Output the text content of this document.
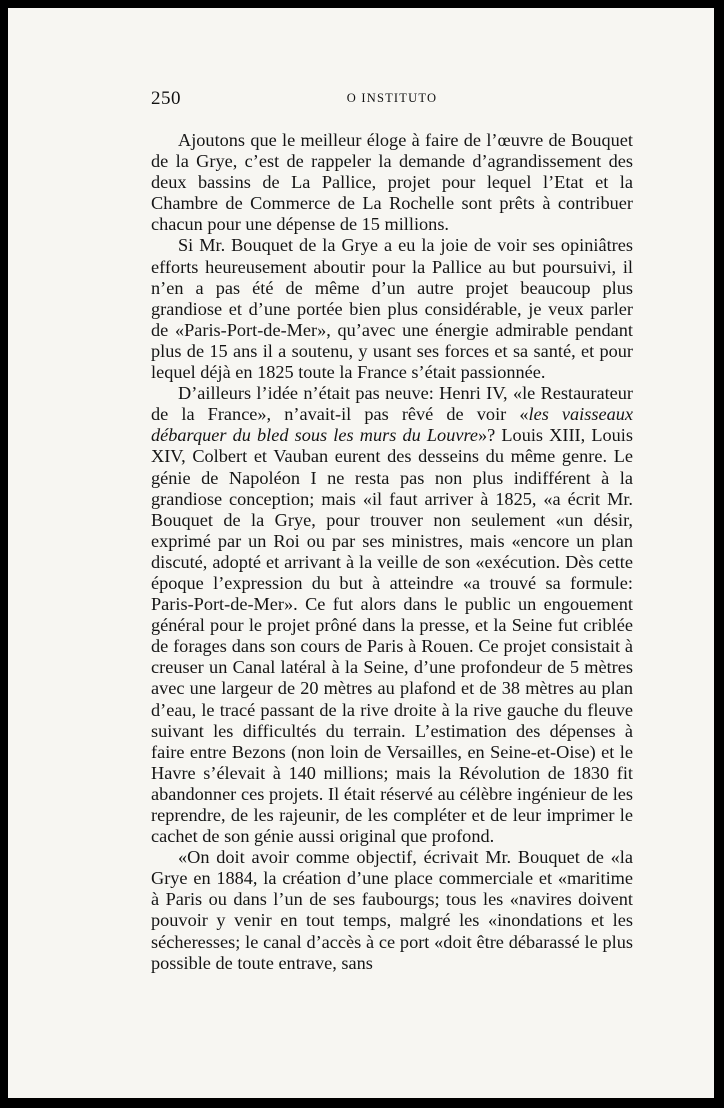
250	O INSTITUTO

Ajoutons que le meilleur éloge à faire de l’œuvre de Bouquet de la Grye, c’est de rappeler la demande d’agrandissement des deux bassins de La Pallice, projet pour lequel l’Etat et la Chambre de Commerce de La Rochelle sont prêts à contribuer chacun pour une dépense de 15 millions.

Si Mr. Bouquet de la Grye a eu la joie de voir ses opiniâtres efforts heureusement aboutir pour la Pallice au but poursuivi, il n’en a pas été de même d’un autre projet beaucoup plus grandiose et d’une portée bien plus considérable, je veux parler de «Paris-Port-de-Mer», qu’avec une énergie admirable pendant plus de 15 ans il a soutenu, y usant ses forces et sa santé, et pour lequel déjà en 1825 toute la France s’était passionnée.

D’ailleurs l’idée n’était pas neuve: Henri IV, «le Restaurateur de la France», n’avait-il pas rêvé de voir «les vaisseaux débarquer du bled sous les murs du Louvre»? Louis XIII, Louis XIV, Colbert et Vauban eurent des desseins du même genre. Le génie de Napoléon I ne resta pas non plus indifférent à la grandiose conception; mais «il faut arriver à 1825, «a écrit Mr. Bouquet de la Grye, pour trouver non seulement «un désir, exprimé par un Roi ou par ses ministres, mais «encore un plan discuté, adopté et arrivant à la veille de son «exécution. Dès cette époque l’expression du but à atteindre «a trouvé sa formule: Paris-Port-de-Mer». Ce fut alors dans le public un engouement général pour le projet prôné dans la presse, et la Seine fut criblée de forages dans son cours de Paris à Rouen. Ce projet consistait à creuser un Canal latéral à la Seine, d’une profondeur de 5 mètres avec une largeur de 20 mètres au plafond et de 38 mètres au plan d’eau, le tracé passant de la rive droite à la rive gauche du fleuve suivant les difficultés du terrain. L’estimation des dépenses à faire entre Bezons (non loin de Versailles, en Seine-et-Oise) et le Havre s’élevait à 140 millions; mais la Révolution de 1830 fit abandonner ces projets. Il était réservé au célèbre ingénieur de les reprendre, de les rajeunir, de les compléter et de leur imprimer le cachet de son génie aussi original que profond.

«On doit avoir comme objectif, écrivait Mr. Bouquet de «la Grye en 1884, la création d’une place commerciale et «maritime à Paris ou dans l’un de ses faubourgs; tous les «navires doivent pouvoir y venir en tout temps, malgré les «inondations et les sécheresses; le canal d’accès à ce port «doit être débarassé le plus possible de toute entrave, sans
